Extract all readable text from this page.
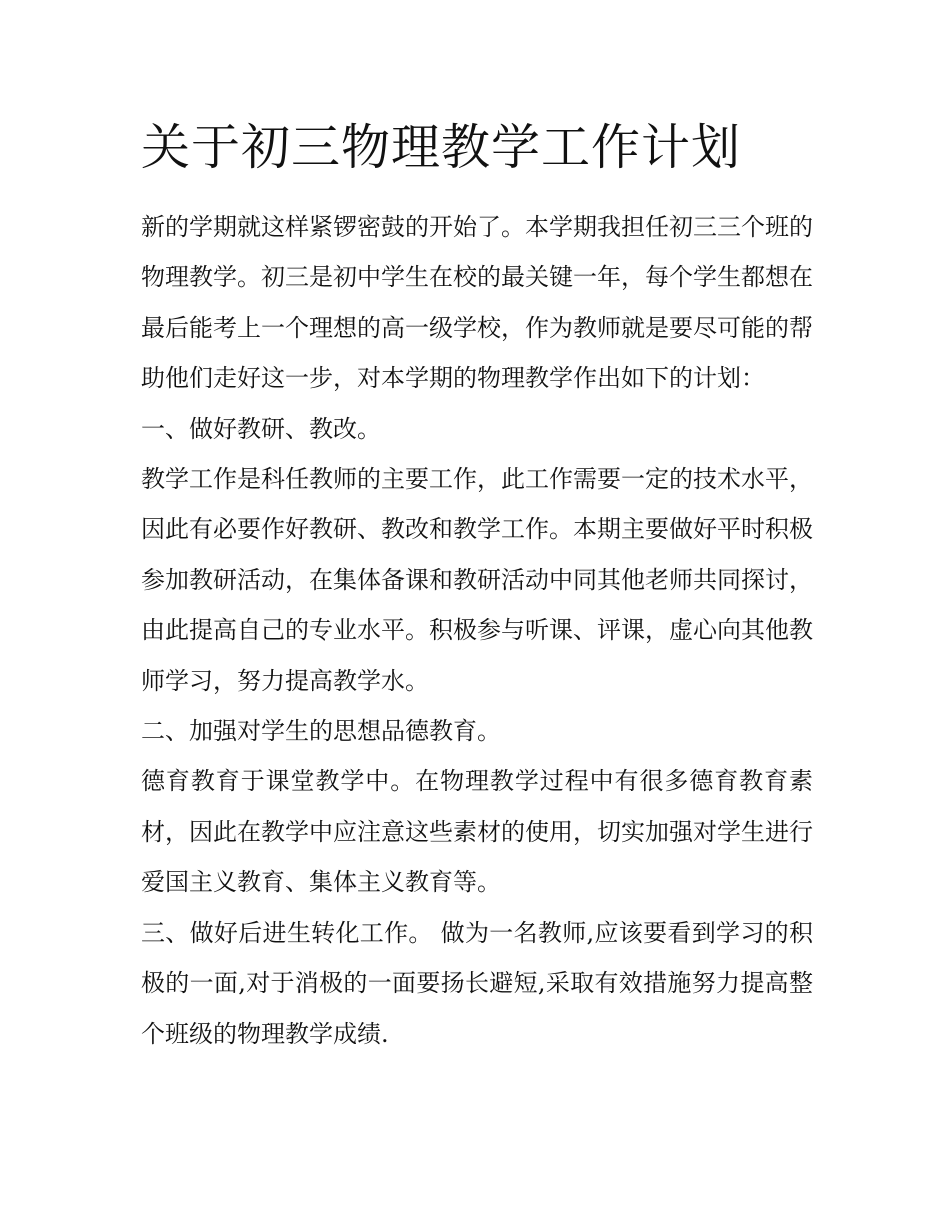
关于初三物理教学工作计划

新的学期就这样紧锣密鼓的开始了。本学期我担任初三三个班的物理教学。初三是初中学生在校的最关键一年，每个学生都想在最后能考上一个理想的高一级学校，作为教师就是要尽可能的帮助他们走好这一步，对本学期的物理教学作出如下的计划：

一、做好教研、教改。

教学工作是科任教师的主要工作，此工作需要一定的技术水平，因此有必要作好教研、教改和教学工作。本期主要做好平时积极参加教研活动，在集体备课和教研活动中同其他老师共同探讨，由此提高自己的专业水平。积极参与听课、评课，虚心向其他教师学习，努力提高教学水。

二、加强对学生的思想品德教育。

德育教育于课堂教学中。在物理教学过程中有很多德育教育素材，因此在教学中应注意这些素材的使用，切实加强对学生进行爱国主义教育、集体主义教育等。

三、做好后进生转化工作。 做为一名教师,应该要看到学习的积极的一面,对于消极的一面要扬长避短,采取有效措施努力提高整个班级的物理教学成绩.
